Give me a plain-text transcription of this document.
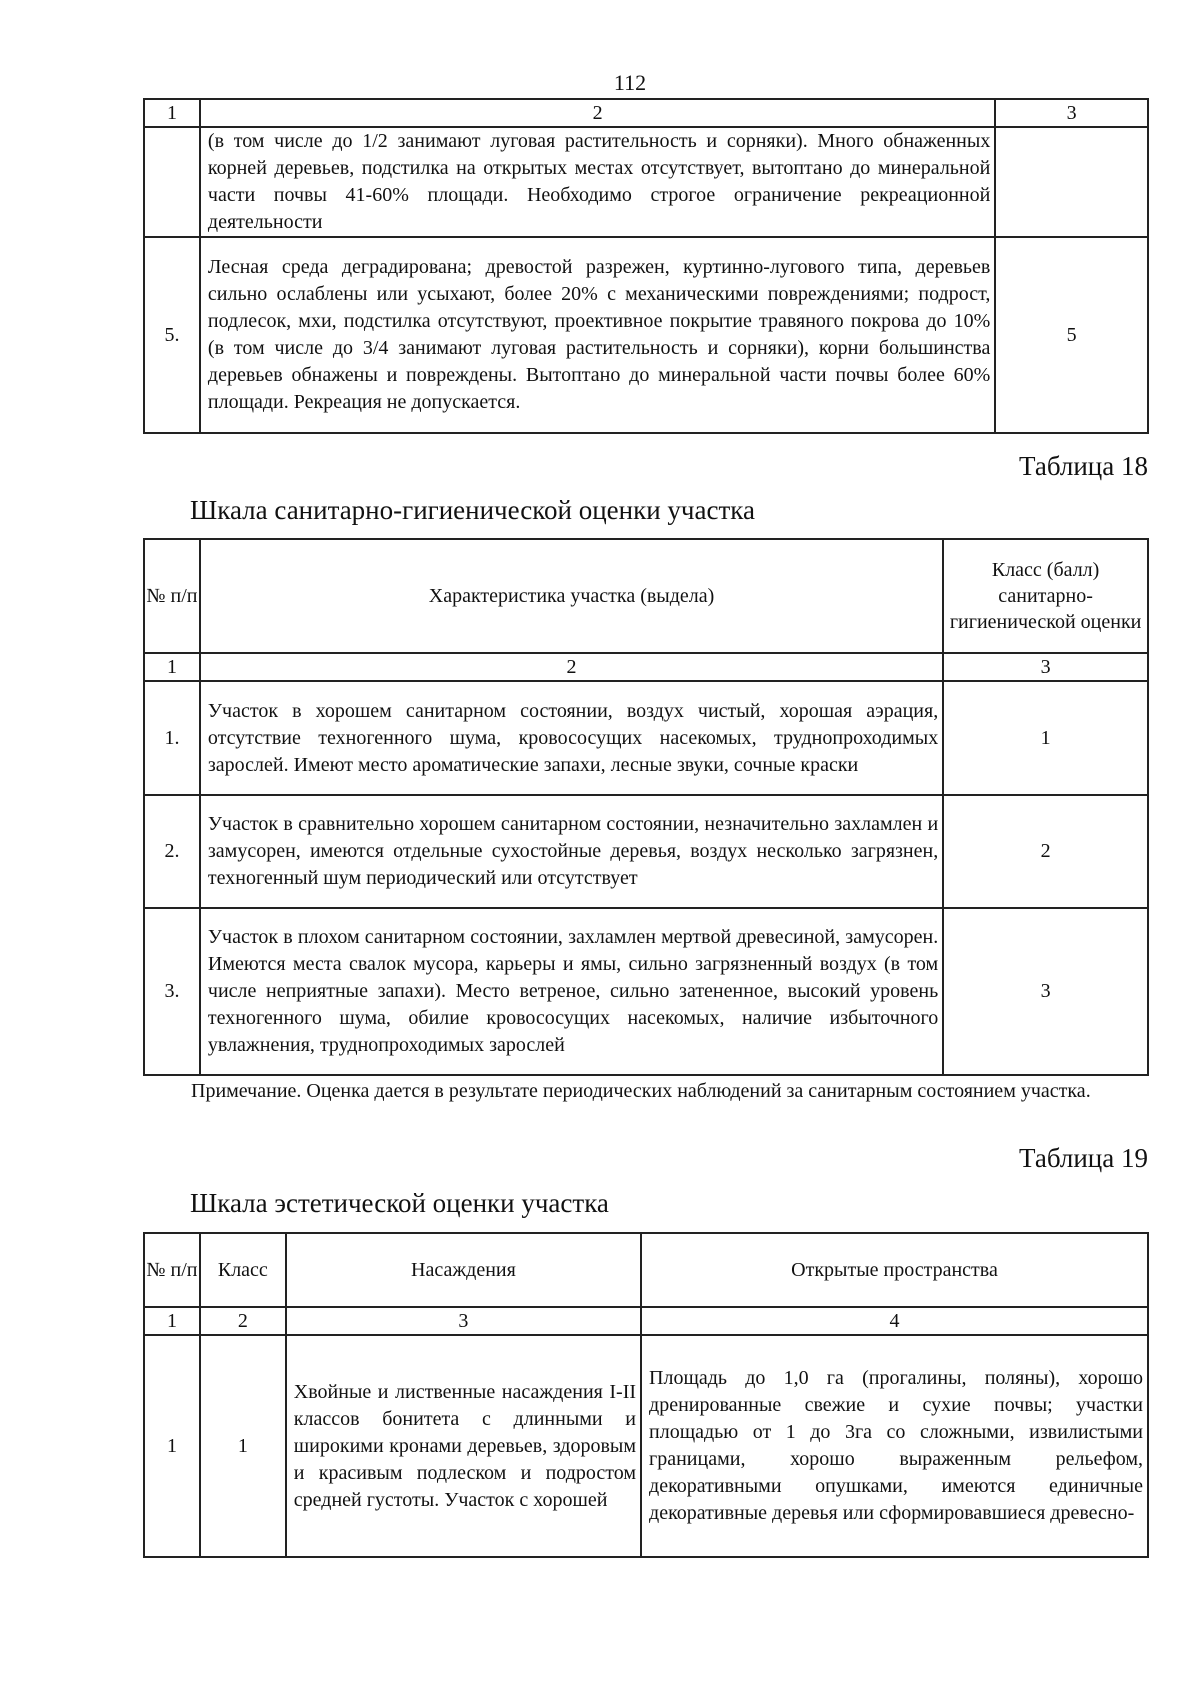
112
1	2	3
	(в том числе до 1/2 занимают луговая растительность и сорняки). Много обнаженных корней деревьев, подстилка на открытых местах отсутствует, вытоптано до минеральной части почвы 41-60% площади. Необходимо строгое ограничение рекреационной деятельности	
5.	Лесная среда деградирована; древостой разрежен, куртинно-лугового типа, деревьев сильно ослаблены или усыхают, более 20% с механическими повреждениями; подрост, подлесок, мхи, подстилка отсутствуют, проективное покрытие травяного покрова до 10% (в том числе до 3/4 занимают луговая растительность и сорняки), корни большинства деревьев обнажены и повреждены. Вытоптано до минеральной части почвы более 60% площади. Рекреация не допускается.	5
Таблица 18
Шкала санитарно-гигиенической оценки участка
№ п/п	Характеристика участка (выдела)	Класс (балл) санитарно-гигиенической оценки
1	2	3
1.	Участок в хорошем санитарном состоянии, воздух чистый, хорошая аэрация, отсутствие техногенного шума, кровососущих насекомых, труднопроходимых зарослей. Имеют место ароматические запахи, лесные звуки, сочные краски	1
2.	Участок в сравнительно хорошем санитарном состоянии, незначительно захламлен и замусорен, имеются отдельные сухостойные деревья, воздух несколько загрязнен, техногенный шум периодический или отсутствует	2
3.	Участок в плохом санитарном состоянии, захламлен мертвой древесиной, замусорен. Имеются места свалок мусора, карьеры и ямы, сильно загрязненный воздух (в том числе неприятные запахи). Место ветреное, сильно затененное, высокий уровень техногенного шума, обилие кровососущих насекомых, наличие избыточного увлажнения, труднопроходимых зарослей	3
Примечание. Оценка дается в результате периодических наблюдений за санитарным состоянием участка.
Таблица 19
Шкала эстетической оценки участка
№ п/п	Класс	Насаждения	Открытые пространства
1	2	3	4
1	1	Хвойные и лиственные насаждения I-II классов бонитета с длинными и широкими кронами деревьев, здоровым и красивым подлеском и подростом средней густоты. Участок с хорошей	Площадь до 1,0 га (прогалины, поляны), хорошо дренированные свежие и сухие почвы; участки площадью от 1 до 3га со сложными, извилистыми границами, хорошо выраженным рельефом, декоративными опушками, имеются единичные декоративные деревья или сформировавшиеся древесно-
